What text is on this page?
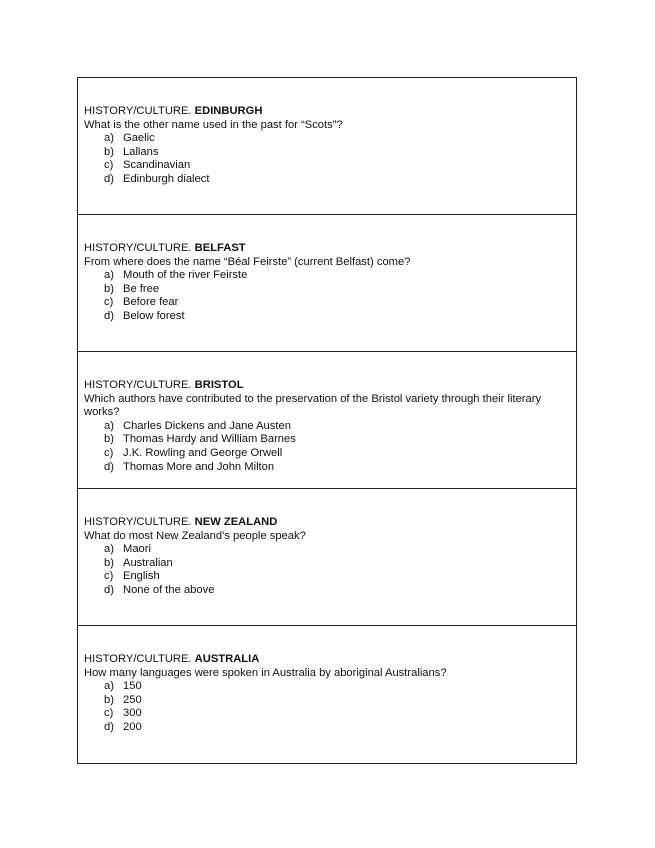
HISTORY/CULTURE. EDINBURGH

What is the other name used in the past for “Scots”?

a) Gaelic
b) Lallans
c) Scandinavian
d) Edinburgh dialect

HISTORY/CULTURE. BELFAST

From where does the name “Béal Feirste” (current Belfast) come?

a) Mouth of the river Feirste
b) Be free
c) Before fear
d) Below forest

HISTORY/CULTURE. BRISTOL

Which authors have contributed to the preservation of the Bristol variety through their literary works?

a) Charles Dickens and Jane Austen
b) Thomas Hardy and William Barnes
c) J.K. Rowling and George Orwell
d) Thomas More and John Milton

HISTORY/CULTURE. NEW ZEALAND

What do most New Zealand’s people speak?

a) Maori
b) Australian
c) English
d) None of the above

HISTORY/CULTURE. AUSTRALIA

How many languages were spoken in Australia by aboriginal Australians?

a) 150
b) 250
c) 300
d) 200
